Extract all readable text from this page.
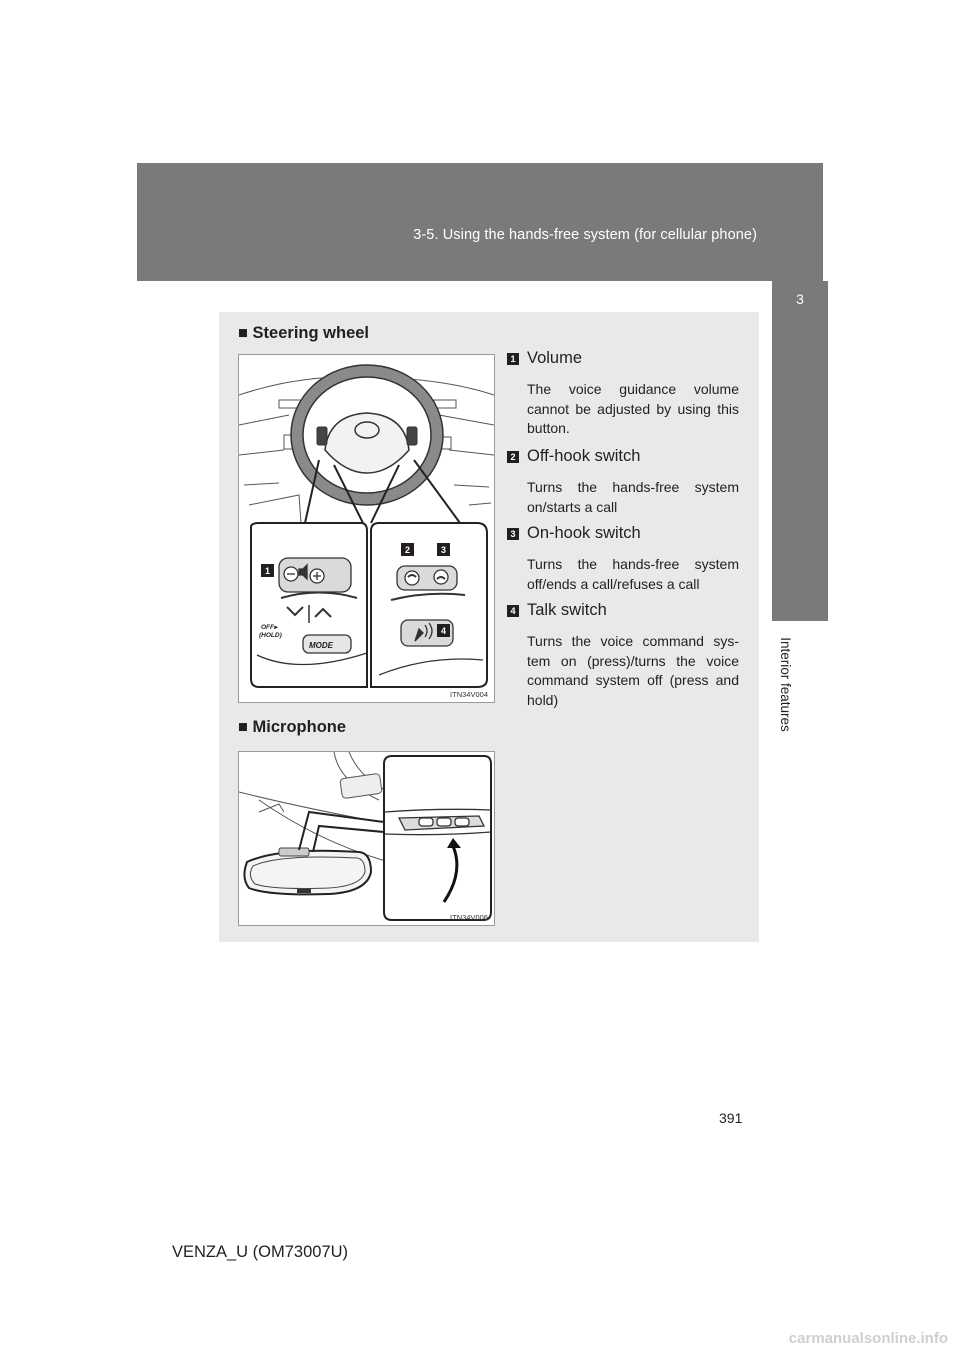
3-5. Using the hands-free system (for cellular phone)
3
Interior features
■ Steering wheel
MODE
OFF▸ (HOLD)
1
2	3
4
ITN34V004
■ Microphone
ITN34V006
1 Volume
The voice guidance volume cannot be adjusted by using this button.
2 Off-hook switch
Turns the hands-free system on/starts a call
3 On-hook switch
Turns the hands-free system off/ends a call/refuses a call
4 Talk switch
Turns the voice command sys-tem on (press)/turns the voice command system off (press and hold)
391
VENZA_U (OM73007U)
carmanualsonline.info
